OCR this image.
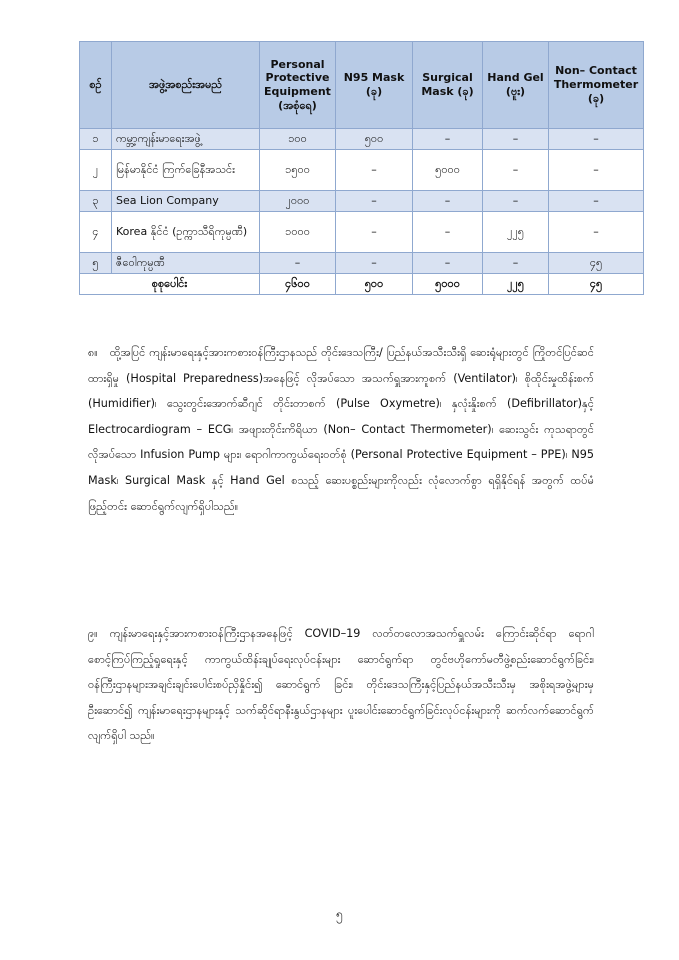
စဉ်	အဖွဲ့အစည်းအမည်	Personal Protective Equipment (အစုံရေ)	N95 Mask (ခု)	Surgical Mask (ခု)	Hand Gel (ဗူး)	Non– Contact Thermometer (ခု)
၁	ကမ္ဘာ့ကျန်းမာရေးအဖွဲ့	၁၀၀	၅၀၀	–	–	–
၂	မြန်မာနိုင်ငံ ကြက်ခြေနီအသင်း	၁၅၀၀	–	၅၀၀၀	–	–
၃	Sea Lion Company	၂၀၀၀	–	–	–	–
၄	Korea နိုင်ငံ (ဥက္ကာသီရိကုမ္ပဏီ)	၁၀၀၀	–	–	၂၂၅	–
၅	ဇီဝေါကုမ္ပဏီ	–	–	–	–	၄၅
စုစုပေါင်း		၄၆၀၀	၅၀၀	၅၀၀၀	၂၂၅	၄၅

၈။ ထို့အပြင် ကျန်းမာရေးနှင့်အားကစားဝန်ကြီးဌာနသည် တိုင်းဒေသကြီး/ ပြည်နယ်အသီးသီးရှိ ဆေးရုံများတွင် ကြိုတင်ပြင်ဆင်ထားရှိမှု (Hospital Preparedness)အနေဖြင့် လိုအပ်သော အသက်ရှူအားကူစက် (Ventilator)၊ စိုထိုင်းမှုထိန်းစက် (Humidifier)၊ သွေးတွင်းအောက်ဆီဂျင် တိုင်းတာစက် (Pulse Oxymetre)၊ နှလုံးနှိုးစက် (Defibrillator)နှင့် Electrocardiogram – ECG၊ အဖျားတိုင်းကိရိယာ (Non– Contact Thermometer)၊ ဆေးသွင်း ကုသရာတွင် လိုအပ်သော Infusion Pump များ၊ ရောဂါကာကွယ်ရေးဝတ်စုံ (Personal Protective Equipment – PPE)၊ N95 Mask၊ Surgical Mask နှင့် Hand Gel စသည့် ဆေးပစ္စည်းများကိုလည်း လုံလောက်စွာ ရရှိနိုင်ရန် အတွက် ထပ်မံဖြည့်တင်း ဆောင်ရွက်လျက်ရှိပါသည်။

၉။ ကျန်းမာရေးနှင့်အားကစားဝန်ကြီးဌာနအနေဖြင့် COVID–19 လတ်တလောအသက်ရှူလမ်း ကြောင်းဆိုင်ရာ ရောဂါစောင့်ကြပ်ကြည့်ရှုရေးနှင့် ကာကွယ်ထိန်းချုပ်ရေးလုပ်ငန်းများ ဆောင်ရွက်ရာ တွင်ဗဟိုကော်မတီဖွဲ့စည်းဆောင်ရွက်ခြင်း၊ ဝန်ကြီးဌာနများအချင်းချင်းပေါင်းစပ်ညှိနှိုင်း၍ ဆောင်ရွက် ခြင်း၊ တိုင်းဒေသကြီးနှင့်ပြည်နယ်အသီးသီးမှ အစိုးရအဖွဲ့များမှ ဦးဆောင်၍ ကျန်းမာရေးဌာနများနှင့် သက်ဆိုင်ရာနီးနွယ်ဌာနများ ပူးပေါင်းဆောင်ရွက်ခြင်းလုပ်ငန်းများကို ဆက်လက်ဆောင်ရွက်လျက်ရှိပါ သည်။

၅
